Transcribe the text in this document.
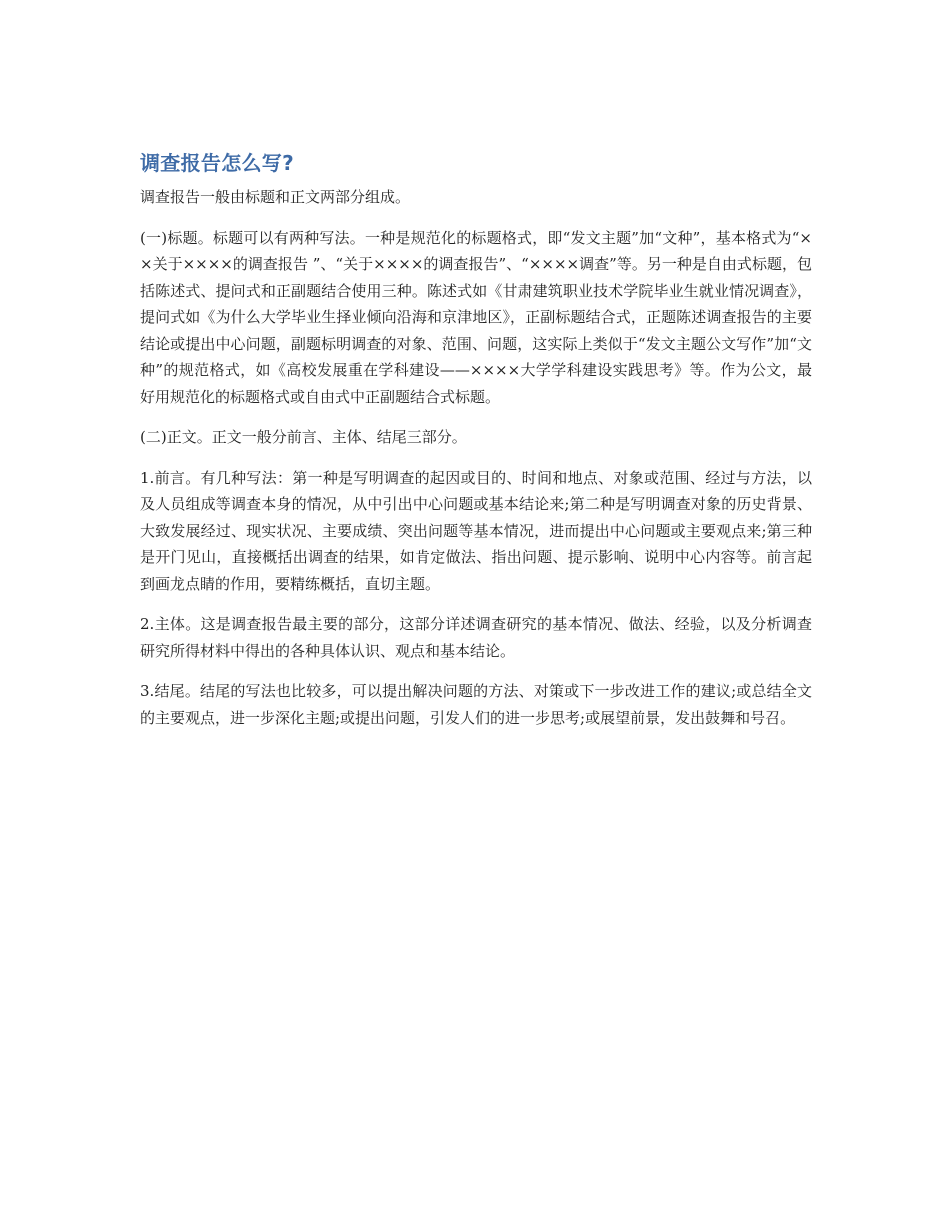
调查报告怎么写?

调查报告一般由标题和正文两部分组成。

(一)标题。标题可以有两种写法。一种是规范化的标题格式，即“发文主题”加“文种”，基本格式为“××关于××××的调查报告 ”、“关于××××的调查报告”、“××××调查”等。另一种是自由式标题，包括陈述式、提问式和正副题结合使用三种。陈述式如《甘肃建筑职业技术学院毕业生就业情况调查》，提问式如《为什么大学毕业生择业倾向沿海和京津地区》，正副标题结合式，正题陈述调查报告的主要结论或提出中心问题，副题标明调查的对象、范围、问题，这实际上类似于“发文主题公文写作”加“文种”的规范格式，如《高校发展重在学科建设——××××大学学科建设实践思考》等。作为公文，最好用规范化的标题格式或自由式中正副题结合式标题。

(二)正文。正文一般分前言、主体、结尾三部分。

1.前言。有几种写法：第一种是写明调查的起因或目的、时间和地点、对象或范围、经过与方法，以及人员组成等调查本身的情况，从中引出中心问题或基本结论来;第二种是写明调查对象的历史背景、大致发展经过、现实状况、主要成绩、突出问题等基本情况，进而提出中心问题或主要观点来;第三种是开门见山，直接概括出调查的结果，如肯定做法、指出问题、提示影响、说明中心内容等。前言起到画龙点睛的作用，要精练概括，直切主题。

2.主体。这是调查报告最主要的部分，这部分详述调查研究的基本情况、做法、经验，以及分析调查研究所得材料中得出的各种具体认识、观点和基本结论。

3.结尾。结尾的写法也比较多，可以提出解决问题的方法、对策或下一步改进工作的建议;或总结全文的主要观点，进一步深化主题;或提出问题，引发人们的进一步思考;或展望前景，发出鼓舞和号召。
